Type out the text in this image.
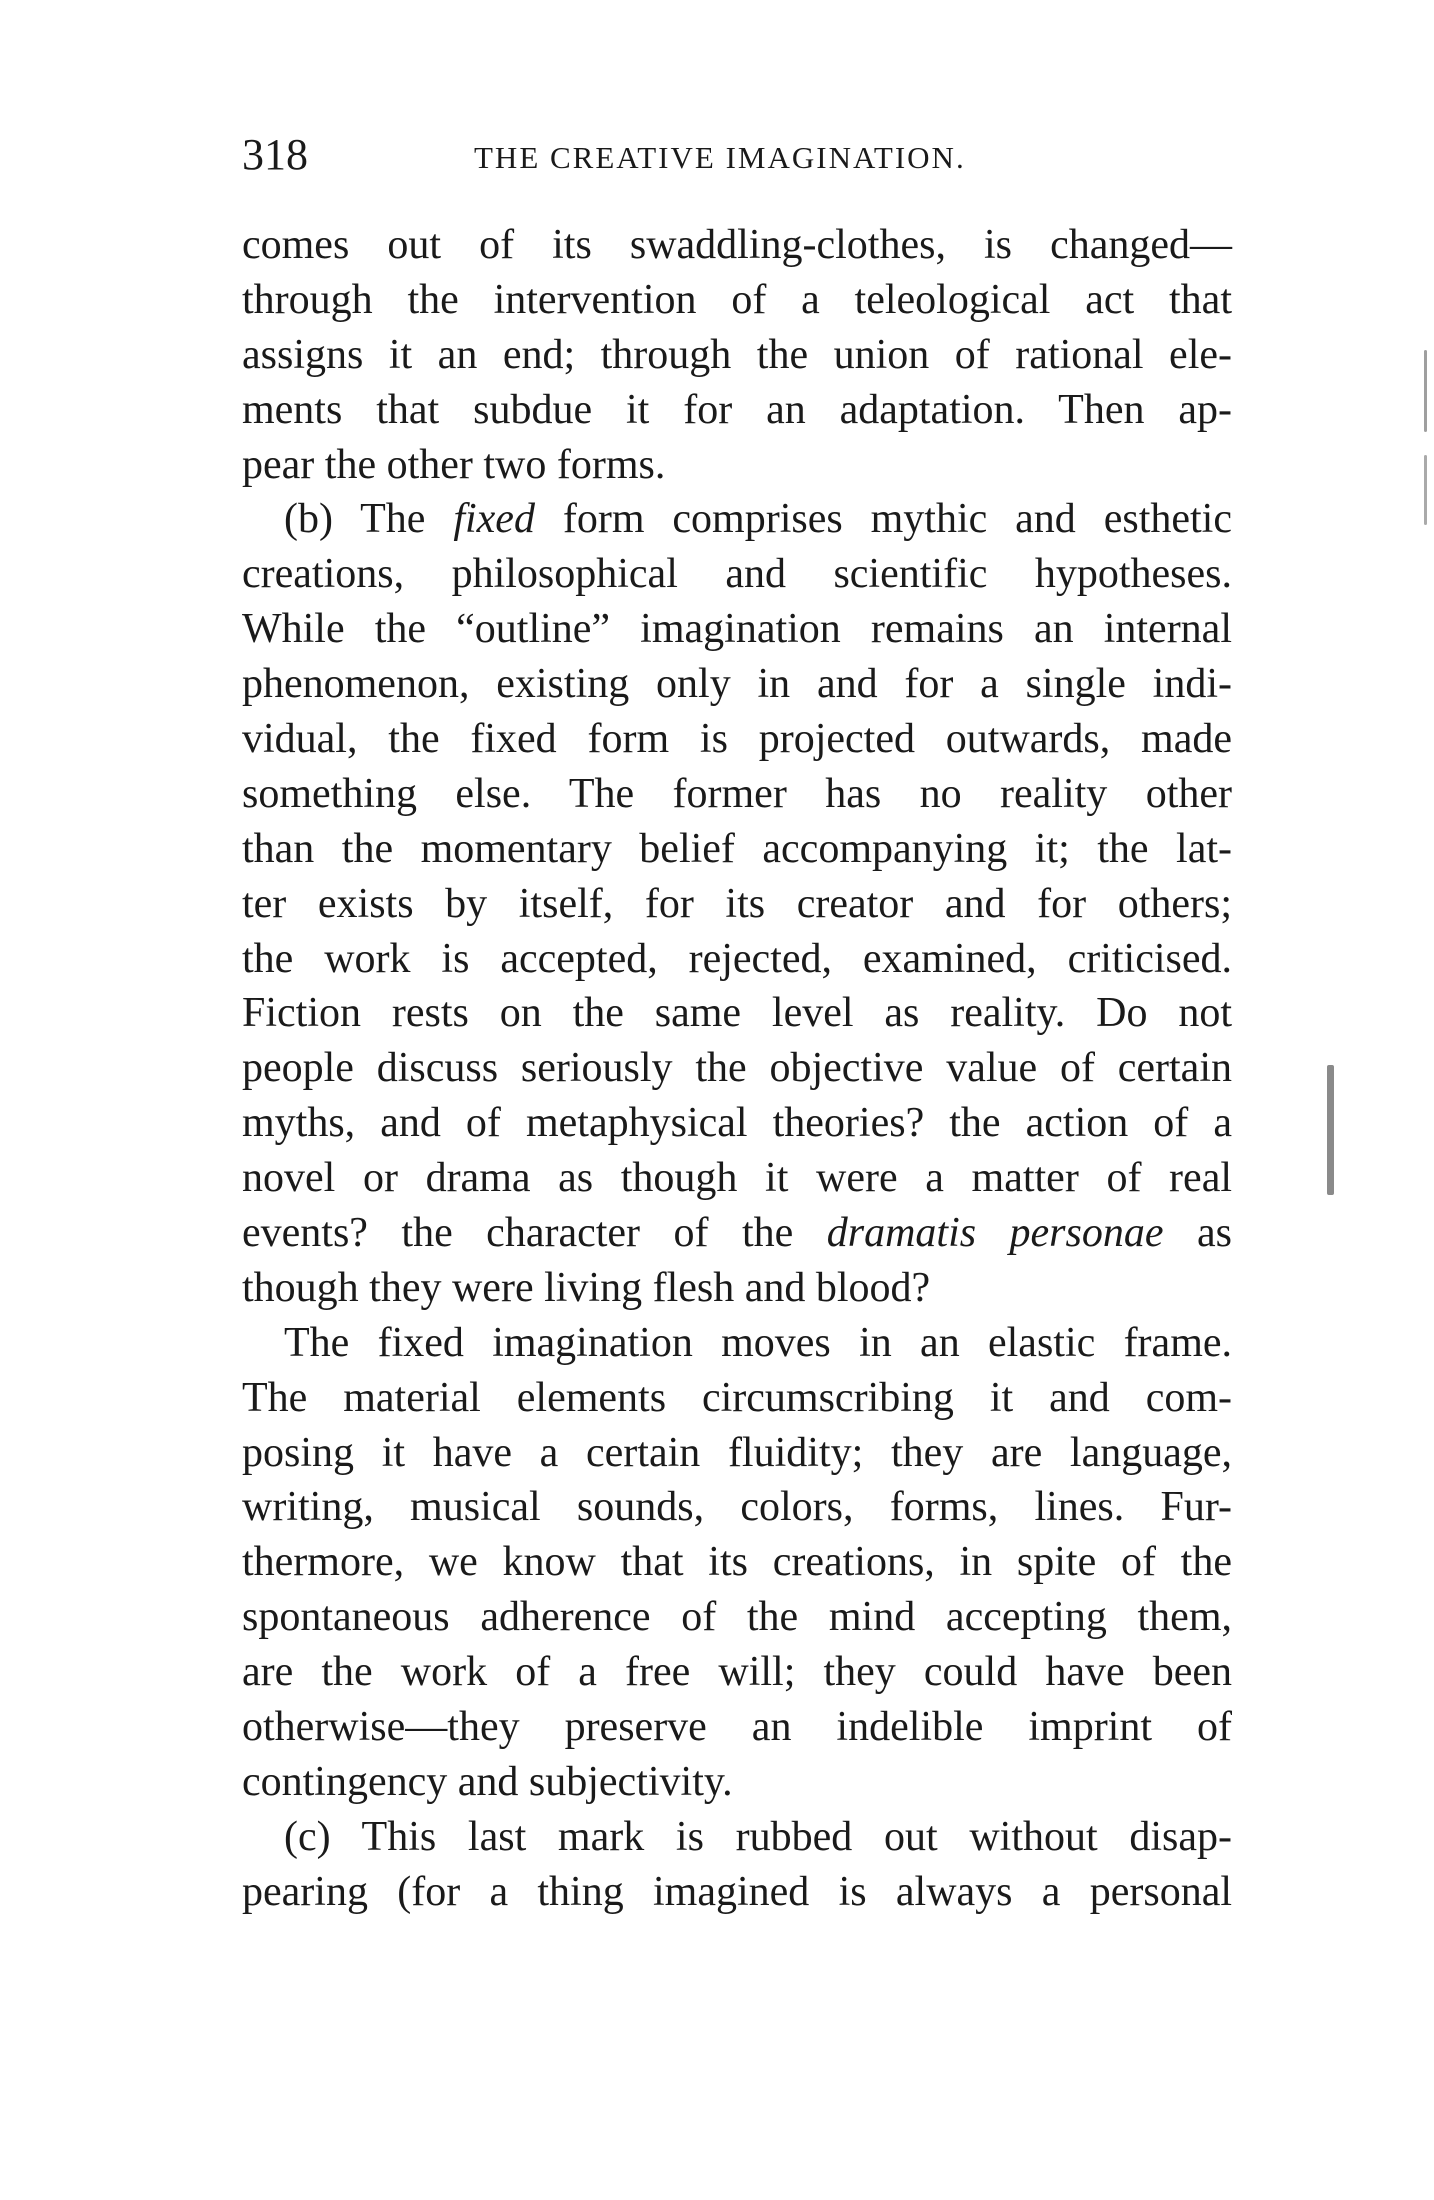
318	THE CREATIVE IMAGINATION.
comes out of its swaddling-clothes, is changed—
through the intervention of a teleological act that
assigns it an end; through the union of rational ele-
ments that subdue it for an adaptation. Then ap-
pear the other two forms.
(b) The fixed form comprises mythic and esthetic
creations, philosophical and scientific hypotheses.
While the “outline” imagination remains an internal
phenomenon, existing only in and for a single indi-
vidual, the fixed form is projected outwards, made
something else. The former has no reality other
than the momentary belief accompanying it; the lat-
ter exists by itself, for its creator and for others;
the work is accepted, rejected, examined, criticised.
Fiction rests on the same level as reality. Do not
people discuss seriously the objective value of certain
myths, and of metaphysical theories? the action of a
novel or drama as though it were a matter of real
events? the character of the dramatis personae as
though they were living flesh and blood?
The fixed imagination moves in an elastic frame.
The material elements circumscribing it and com-
posing it have a certain fluidity; they are language,
writing, musical sounds, colors, forms, lines. Fur-
thermore, we know that its creations, in spite of the
spontaneous adherence of the mind accepting them,
are the work of a free will; they could have been
otherwise—they preserve an indelible imprint of
contingency and subjectivity.
(c) This last mark is rubbed out without disap-
pearing (for a thing imagined is always a personal
